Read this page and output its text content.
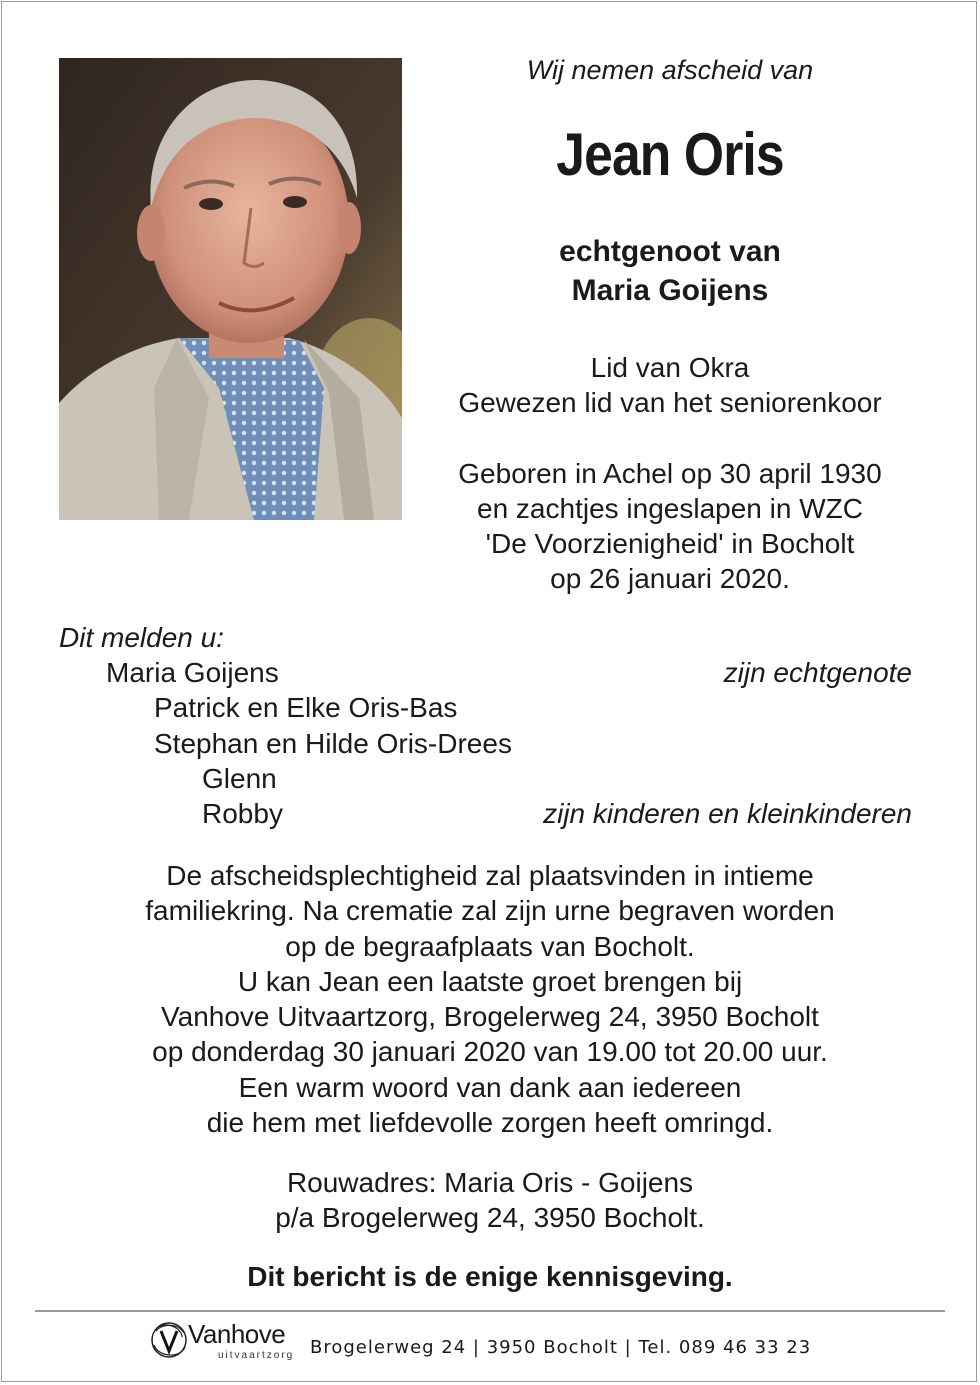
Wij nemen afscheid van
Jean Oris
echtgenoot van
Maria Goijens
Lid van Okra
Gewezen lid van het seniorenkoor
Geboren in Achel op 30 april 1930
en zachtjes ingeslapen in WZC
'De Voorzienigheid' in Bocholt
op 26 januari 2020.
Dit melden u:
Maria Goijens	zijn echtgenote
Patrick en Elke Oris-Bas
Stephan en Hilde Oris-Drees
Glenn
Robby	zijn kinderen en kleinkinderen
De afscheidsplechtigheid zal plaatsvinden in intieme
familiekring. Na crematie zal zijn urne begraven worden
op de begraafplaats van Bocholt.
U kan Jean een laatste groet brengen bij
Vanhove Uitvaartzorg, Brogelerweg 24, 3950 Bocholt
op donderdag 30 januari 2020 van 19.00 tot 20.00 uur.
Een warm woord van dank aan iedereen
die hem met liefdevolle zorgen heeft omringd.
Rouwadres: Maria Oris - Goijens
p/a Brogelerweg 24, 3950 Bocholt.
Dit bericht is de enige kennisgeving.
Vanhove
uitvaartzorg Brogelerweg 24 | 3950 Bocholt | Tel. 089 46 33 23
